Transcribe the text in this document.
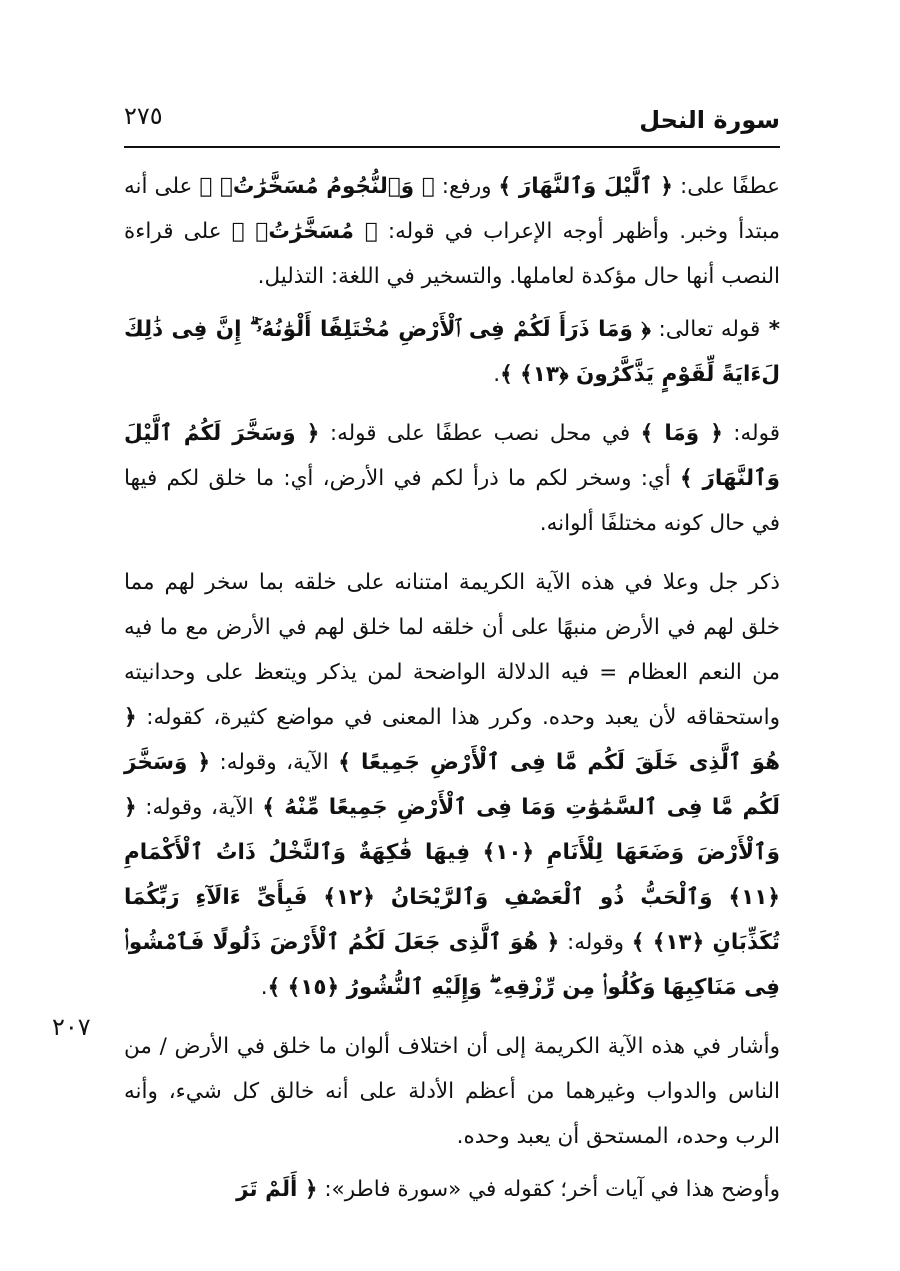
سورة النحل
٢٧٥

عطفًا على: ﴿ ٱلَّيْلَ وَٱلنَّهَارَ ﴾ ورفع: ﴿ وَٱلنُّجُومُ مُسَخَّرَٰتُۢ ﴾ على أنه مبتدأ وخبر. وأظهر أوجه الإعراب في قوله: ﴿ مُسَخَّرَٰتُۢ ﴾ على قراءة النصب أنها حال مؤكدة لعاملها. والتسخير في اللغة: التذليل.

* قوله تعالى: ﴿ وَمَا ذَرَأَ لَكُمْ فِى ٱلْأَرْضِ مُخْتَلِفًا أَلْوَٰنُهُۥٓ ۗ إِنَّ فِى ذَٰلِكَ لَءَايَةً لِّقَوْمٍ يَذَّكَّرُونَ ﴿١٣﴾ ﴾.

قوله: ﴿ وَمَا ﴾ في محل نصب عطفًا على قوله: ﴿ وَسَخَّرَ لَكُمُ ٱلَّيْلَ وَٱلنَّهَارَ ﴾ أي: وسخر لكم ما ذرأ لكم في الأرض، أي: ما خلق لكم فيها في حال كونه مختلفًا ألوانه.

ذكر جل وعلا في هذه الآية الكريمة امتنانه على خلقه بما سخر لهم مما خلق لهم في الأرض منبهًا على أن خلقه لما خلق لهم في الأرض مع ما فيه من النعم العظام = فيه الدلالة الواضحة لمن يذكر ويتعظ على وحدانيته واستحقاقه لأن يعبد وحده. وكرر هذا المعنى في مواضع كثيرة، كقوله: ﴿ هُوَ ٱلَّذِى خَلَقَ لَكُم مَّا فِى ٱلْأَرْضِ جَمِيعًا ﴾ الآية، وقوله: ﴿ وَسَخَّرَ لَكُم مَّا فِى ٱلسَّمَٰوَٰتِ وَمَا فِى ٱلْأَرْضِ جَمِيعًا مِّنْهُ ﴾ الآية، وقوله: ﴿ وَٱلْأَرْضَ وَضَعَهَا لِلْأَنَامِ ﴿١٠﴾ فِيهَا فَٰكِهَةٌ وَٱلنَّخْلُ ذَاتُ ٱلْأَكْمَامِ ﴿١١﴾ وَٱلْحَبُّ ذُو ٱلْعَصْفِ وَٱلرَّيْحَانُ ﴿١٢﴾ فَبِأَىِّ ءَالَآءِ رَبِّكُمَا تُكَذِّبَانِ ﴿١٣﴾ ﴾ وقوله: ﴿ هُوَ ٱلَّذِى جَعَلَ لَكُمُ ٱلْأَرْضَ ذَلُولًا فَٱمْشُوا۟ فِى مَنَاكِبِهَا وَكُلُوا۟ مِن رِّزْقِهِۦ ۖ وَإِلَيْهِ ٱلنُّشُورُ ﴿١٥﴾ ﴾.

وأشار في هذه الآية الكريمة إلى أن اختلاف ألوان ما خلق في الأرض / من الناس والدواب وغيرهما من أعظم الأدلة على أنه خالق كل شيء، وأنه الرب وحده، المستحق أن يعبد وحده.

وأوضح هذا في آيات أخر؛ كقوله في «سورة فاطر»: ﴿ أَلَمْ تَرَ

٢٠٧
